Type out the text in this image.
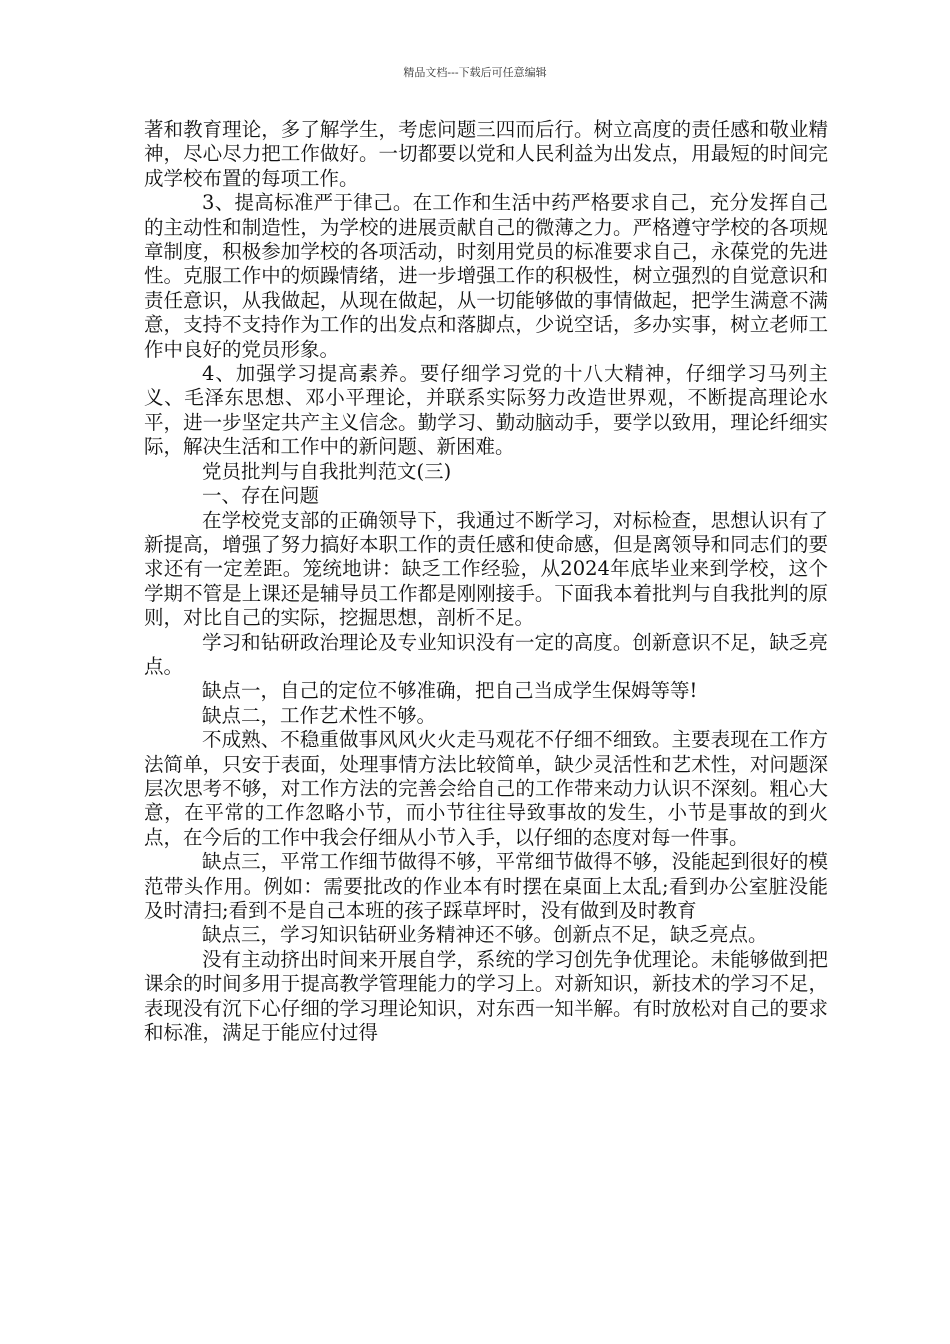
精品文档---下载后可任意编辑

著和教育理论，多了解学生，考虑问题三四而后行。树立高度的责任感和敬业精神，尽心尽力把工作做好。一切都要以党和人民利益为出发点，用最短的时间完成学校布置的每项工作。

3、提高标准严于律己。在工作和生活中药严格要求自己，充分发挥自己的主动性和制造性，为学校的进展贡献自己的微薄之力。严格遵守学校的各项规章制度，积极参加学校的各项活动，时刻用党员的标准要求自己，永葆党的先进性。克服工作中的烦躁情绪，进一步增强工作的积极性，树立强烈的自觉意识和责任意识，从我做起，从现在做起，从一切能够做的事情做起，把学生满意不满意，支持不支持作为工作的出发点和落脚点，少说空话，多办实事，树立老师工作中良好的党员形象。

4、加强学习提高素养。要仔细学习党的十八大精神，仔细学习马列主义、毛泽东思想、邓小平理论，并联系实际努力改造世界观，不断提高理论水平，进一步坚定共产主义信念。勤学习、勤动脑动手，要学以致用，理论纤细实际，解决生活和工作中的新问题、新困难。

党员批判与自我批判范文(三)

一、存在问题

在学校党支部的正确领导下，我通过不断学习，对标检查，思想认识有了新提高，增强了努力搞好本职工作的责任感和使命感，但是离领导和同志们的要求还有一定差距。笼统地讲：缺乏工作经验，从2024年底毕业来到学校，这个学期不管是上课还是辅导员工作都是刚刚接手。下面我本着批判与自我批判的原则，对比自己的实际，挖掘思想，剖析不足。

学习和钻研政治理论及专业知识没有一定的高度。创新意识不足，缺乏亮点。

缺点一，自己的定位不够准确，把自己当成学生保姆等等!

缺点二，工作艺术性不够。

不成熟、不稳重做事风风火火走马观花不仔细不细致。主要表现在工作方法简单，只安于表面，处理事情方法比较简单，缺少灵活性和艺术性，对问题深层次思考不够，对工作方法的完善会给自己的工作带来动力认识不深刻。粗心大意，在平常的工作忽略小节，而小节往往导致事故的发生，小节是事故的到火点，在今后的工作中我会仔细从小节入手，以仔细的态度对每一件事。

缺点三，平常工作细节做得不够，平常细节做得不够，没能起到很好的模范带头作用。例如：需要批改的作业本有时摆在桌面上太乱;看到办公室脏没能及时清扫;看到不是自己本班的孩子踩草坪时，没有做到及时教育

缺点三，学习知识钻研业务精神还不够。创新点不足，缺乏亮点。

没有主动挤出时间来开展自学，系统的学习创先争优理论。未能够做到把课余的时间多用于提高教学管理能力的学习上。对新知识，新技术的学习不足，表现没有沉下心仔细的学习理论知识，对东西一知半解。有时放松对自己的要求和标准，满足于能应付过得
